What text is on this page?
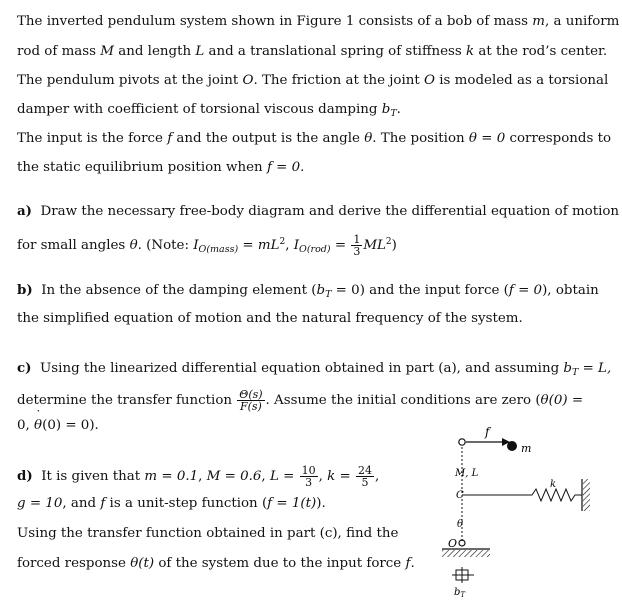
The inverted pendulum system shown in Figure 1 consists of a bob of mass m, a uniform
rod of mass M and length L and a translational spring of stiffness k at the rod’s center.
The pendulum pivots at the joint O. The friction at the joint O is modeled as a torsional
damper with coefficient of torsional viscous damping $b_T$.
The input is the force f and the output is the angle θ. The position θ = 0 corresponds to
the static equilibrium position when f = 0.
a) Draw the necessary free-body diagram and derive the differential equation of motion
for small angles θ. (Note: $I_{O(mass)} = mL^2$, $I_{O(rod)} = \frac{1}{3} ML^2$)
b) In the absence of the damping element $(b_T = 0)$ and the input force (f = 0), obtain
the simplified equation of motion and the natural frequency of the system.
c) Using the linearized differential equation obtained in part (a), and assuming $b_T = L$,
determine the transfer function $\frac{\Theta(s)}{F(s)}$ . Assume the initial conditions are zero (θ(0) =
0, ˙ θ(0) = 0).
d) It is given that m = 0.1, M = 0.6, $L = \frac{10}{3}$ , $k = \frac{24}{5}$ ,
g = 10, and f is a unit-step function (f = 1(t)).
Using the transfer function obtained in part (c), find the
forced response θ(t) of the system due to the input force f.
f
m
M, L
C
k
θ
O
$b_T$
